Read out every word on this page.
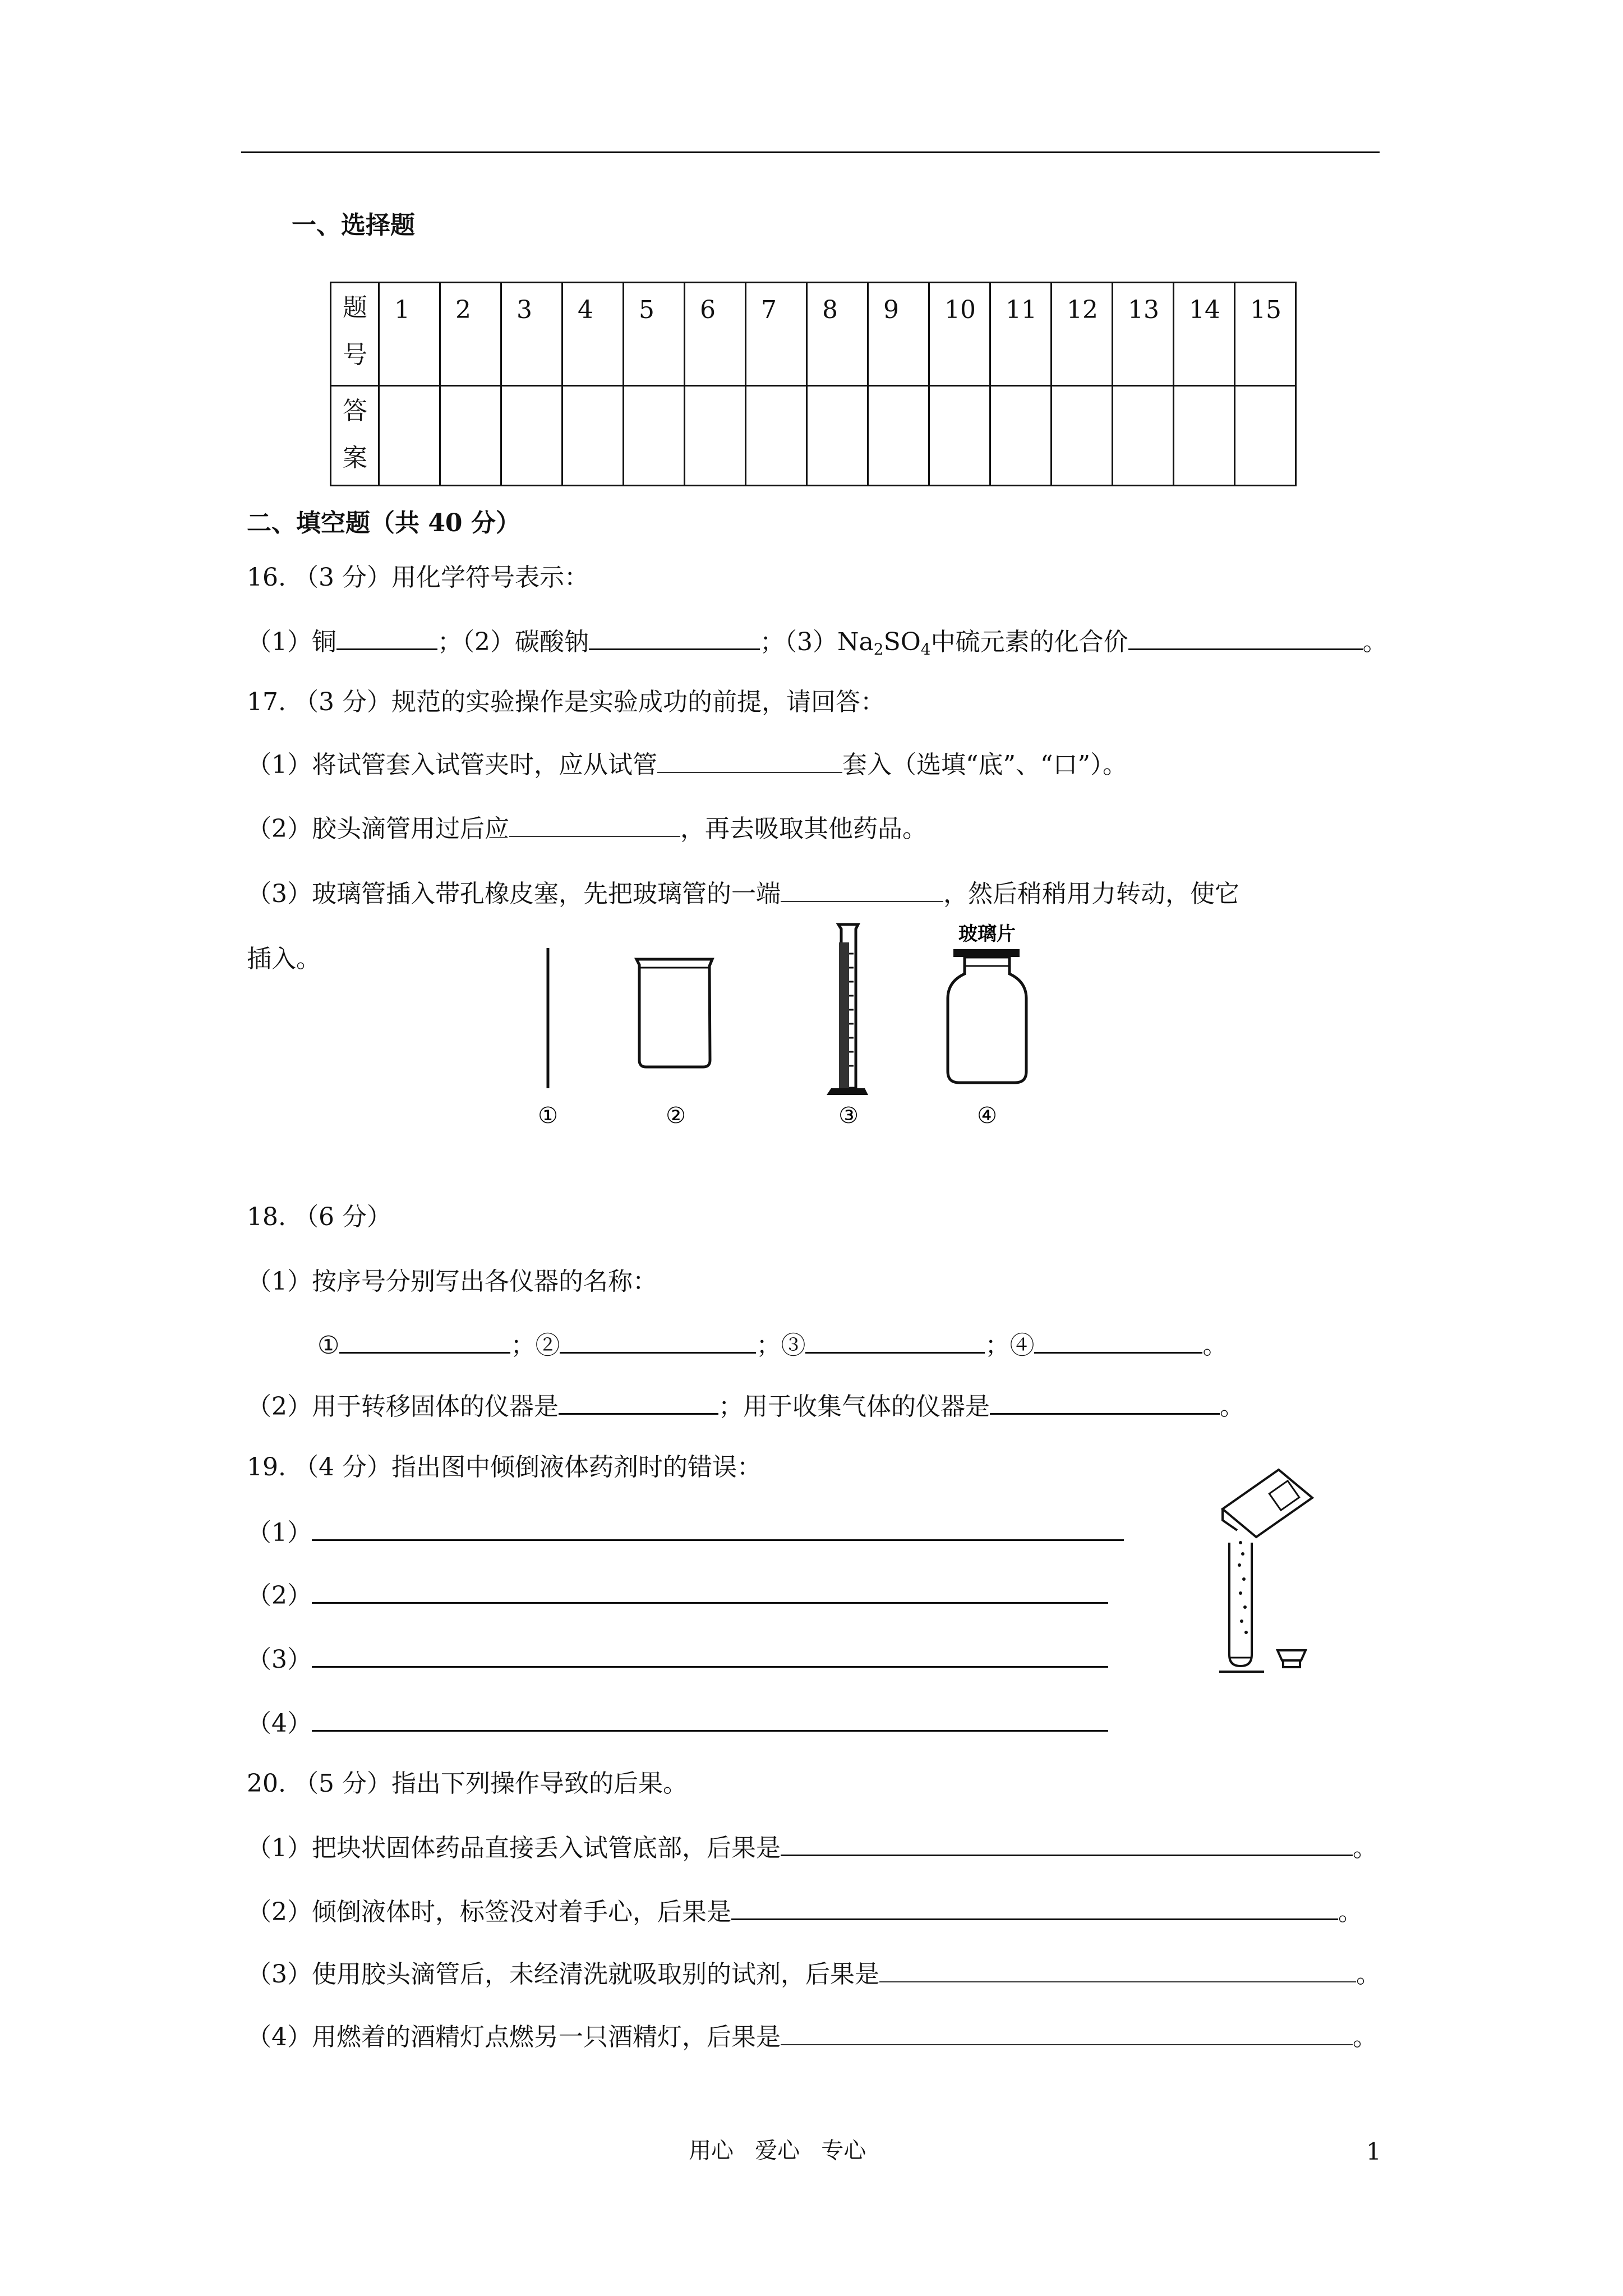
一、选择题
题
号	1	2	3	4	5	6	7	8	9	10	11	12	13	14	15

答
案															

二、填空题（共 40 分）
16. （3 分）用化学符号表示：
（1）铜	；（2）碳酸钠	；$(3)Na_2SO_4$中硫元素的化合价	。
17. （3 分）规范的实验操作是实验成功的前提，请回答：
（1）将试管套入试管夹时，应从试管	套入（选填“底”、“口”）。
（2）胶头滴管用过后应	，再去吸取其他药品。
（3）玻璃管插入带孔橡皮塞，先把玻璃管的一端	，然后稍稍用力转动，使它
插入。
玻璃片
①	②	③	④
18. （6 分）
（1）按序号分别写出各仪器的名称：
①	；②	；③	；④	。
（2）用于转移固体的仪器是	；用于收集气体的仪器是	。
19. （4 分）指出图中倾倒液体药剂时的错误：
（1）
（2）
（3）
（4）
20. （5 分）指出下列操作导致的后果。
（1）把块状固体药品直接丢入试管底部，后果是	。
（2）倾倒液体时，标签没对着手心，后果是	。
（3）使用胶头滴管后，未经清洗就吸取别的试剂，后果是	。
（4）用燃着的酒精灯点燃另一只酒精灯，后果是	。
用心   爱心   专心	1
